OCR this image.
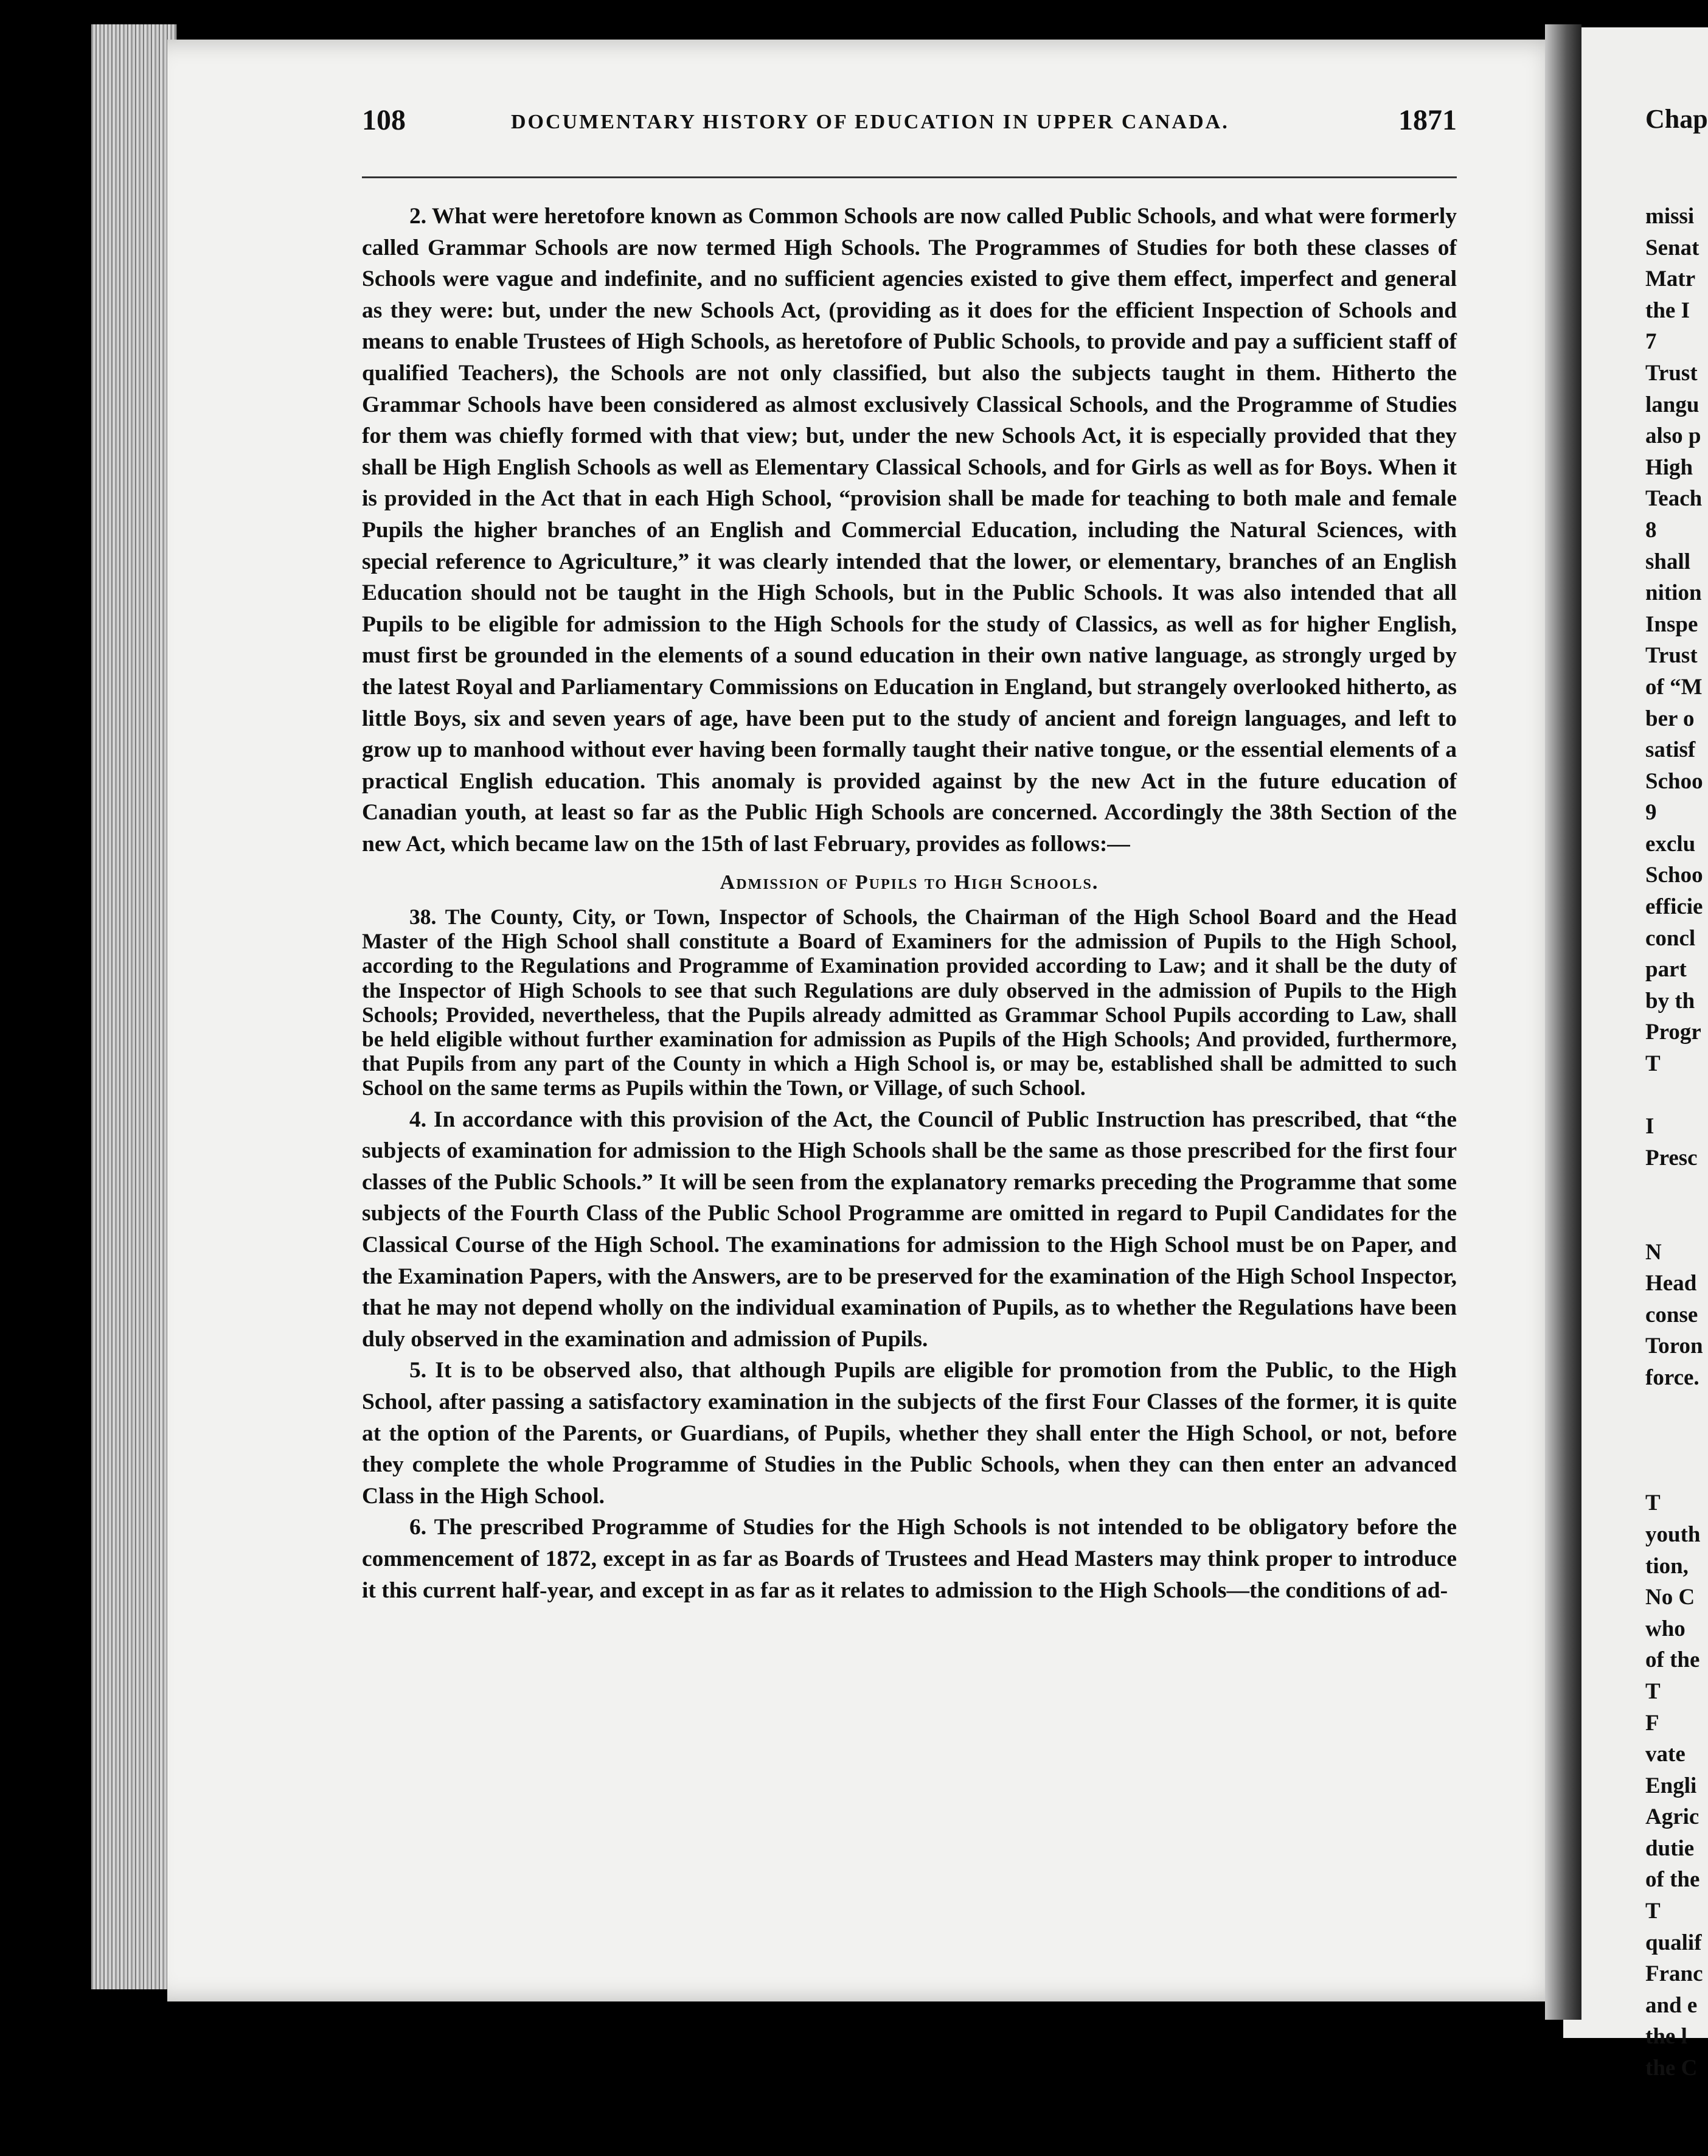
108	DOCUMENTARY HISTORY OF EDUCATION IN UPPER CANADA.	1871

2. What were heretofore known as Common Schools are now called Public Schools, and what were formerly called Grammar Schools are now termed High Schools. The Programmes of Studies for both these classes of Schools were vague and indefinite, and no sufficient agencies existed to give them effect, imperfect and general as they were: but, under the new Schools Act, (providing as it does for the efficient Inspection of Schools and means to enable Trustees of High Schools, as heretofore of Public Schools, to provide and pay a sufficient staff of qualified Teachers), the Schools are not only classified, but also the subjects taught in them. Hitherto the Grammar Schools have been considered as almost exclusively Classical Schools, and the Programme of Studies for them was chiefly formed with that view; but, under the new Schools Act, it is especially provided that they shall be High English Schools as well as Elementary Classical Schools, and for Girls as well as for Boys. When it is provided in the Act that in each High School, “provision shall be made for teaching to both male and female Pupils the higher branches of an English and Commercial Education, including the Natural Sciences, with special reference to Agriculture,” it was clearly intended that the lower, or elementary, branches of an English Education should not be taught in the High Schools, but in the Public Schools. It was also intended that all Pupils to be eligible for admission to the High Schools for the study of Classics, as well as for higher English, must first be grounded in the elements of a sound education in their own native language, as strongly urged by the latest Royal and Parliamentary Commissions on Education in England, but strangely overlooked hitherto, as little Boys, six and seven years of age, have been put to the study of ancient and foreign languages, and left to grow up to manhood without ever having been formally taught their native tongue, or the essential elements of a practical English education. This anomaly is provided against by the new Act in the future education of Canadian youth, at least so far as the Public High Schools are concerned. Accordingly the 38th Section of the new Act, which became law on the 15th of last February, provides as follows:—

Admission of Pupils to High Schools.

38. The County, City, or Town, Inspector of Schools, the Chairman of the High School Board and the Head Master of the High School shall constitute a Board of Examiners for the admission of Pupils to the High School, according to the Regulations and Programme of Examination provided according to Law; and it shall be the duty of the Inspector of High Schools to see that such Regulations are duly observed in the admission of Pupils to the High Schools; Provided, nevertheless, that the Pupils already admitted as Grammar School Pupils according to Law, shall be held eligible without further examination for admission as Pupils of the High Schools; And provided, furthermore, that Pupils from any part of the County in which a High School is, or may be, established shall be admitted to such School on the same terms as Pupils within the Town, or Village, of such School.

4. In accordance with this provision of the Act, the Council of Public Instruction has prescribed, that “the subjects of examination for admission to the High Schools shall be the same as those prescribed for the first four classes of the Public Schools.” It will be seen from the explanatory remarks preceding the Programme that some subjects of the Fourth Class of the Public School Programme are omitted in regard to Pupil Candidates for the Classical Course of the High School. The examinations for admission to the High School must be on Paper, and the Examination Papers, with the Answers, are to be preserved for the examination of the High School Inspector, that he may not depend wholly on the individual examination of Pupils, as to whether the Regulations have been duly observed in the examination and admission of Pupils.

5. It is to be observed also, that although Pupils are eligible for promotion from the Public, to the High School, after passing a satisfactory examination in the subjects of the first Four Classes of the former, it is quite at the option of the Parents, or Guardians, of Pupils, whether they shall enter the High School, or not, before they complete the whole Programme of Studies in the Public Schools, when they can then enter an advanced Class in the High School.

6. The prescribed Programme of Studies for the High Schools is not intended to be obligatory before the commencement of 1872, except in as far as Boards of Trustees and Head Masters may think proper to introduce it this current half-year, and except in as far as it relates to admission to the High Schools—the conditions of ad-

Chap
missi
Senat
Matr
the I
7
Trust
langu
also p
High
Teach
8
shall
nition
Inspe
Trust
of “M
ber o
satisf
Schoo
9
exclu
Schoo
efficie
concl
part
by th
Progr
T
I
Presc
N
Head
conse
Toron
force.
T
youth
tion,
No C
who
of the
T
F
vate
Engli
Agric
dutie
of the
T
qualif
Franc
and e
the l
the C
